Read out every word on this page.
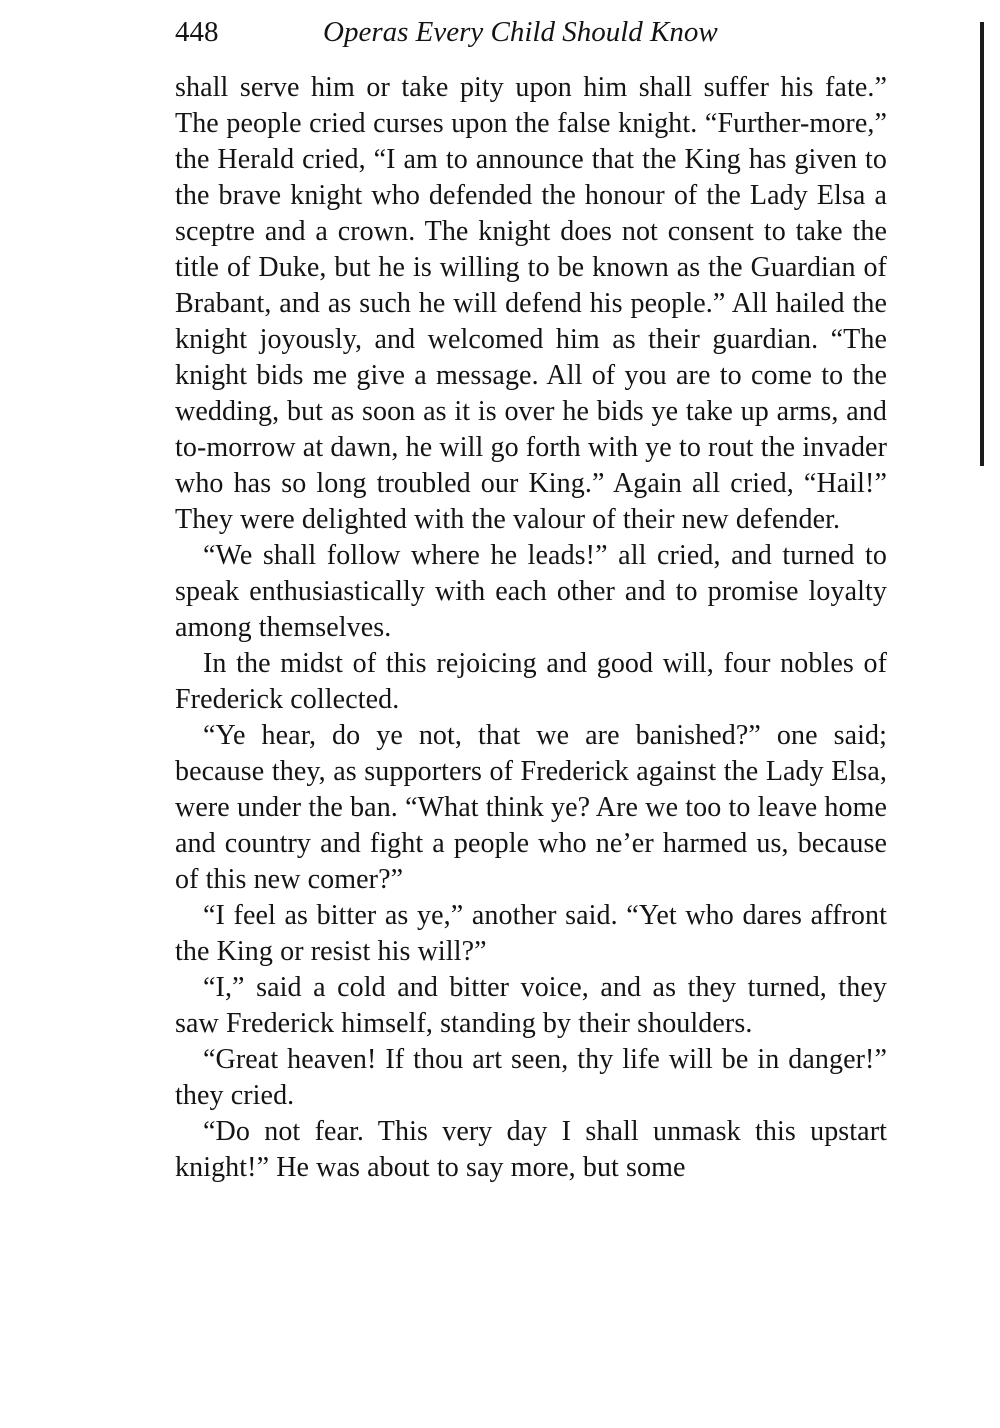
448	Operas Every Child Should Know

shall serve him or take pity upon him shall suffer his fate.” The people cried curses upon the false knight. “Further-more,” the Herald cried, “I am to announce that the King has given to the brave knight who defended the honour of the Lady Elsa a sceptre and a crown. The knight does not consent to take the title of Duke, but he is willing to be known as the Guardian of Brabant, and as such he will defend his people.” All hailed the knight joyously, and welcomed him as their guardian. “The knight bids me give a message. All of you are to come to the wedding, but as soon as it is over he bids ye take up arms, and to-morrow at dawn, he will go forth with ye to rout the invader who has so long troubled our King.” Again all cried, “Hail!” They were delighted with the valour of their new defender.

“We shall follow where he leads!” all cried, and turned to speak enthusiastically with each other and to promise loyalty among themselves.

In the midst of this rejoicing and good will, four nobles of Frederick collected.

“Ye hear, do ye not, that we are banished?” one said; because they, as supporters of Frederick against the Lady Elsa, were under the ban. “What think ye? Are we too to leave home and country and fight a people who ne’er harmed us, because of this new comer?”

“I feel as bitter as ye,” another said. “Yet who dares affront the King or resist his will?”

“I,” said a cold and bitter voice, and as they turned, they saw Frederick himself, standing by their shoulders.

“Great heaven! If thou art seen, thy life will be in danger!” they cried.

“Do not fear. This very day I shall unmask this upstart knight!” He was about to say more, but some
